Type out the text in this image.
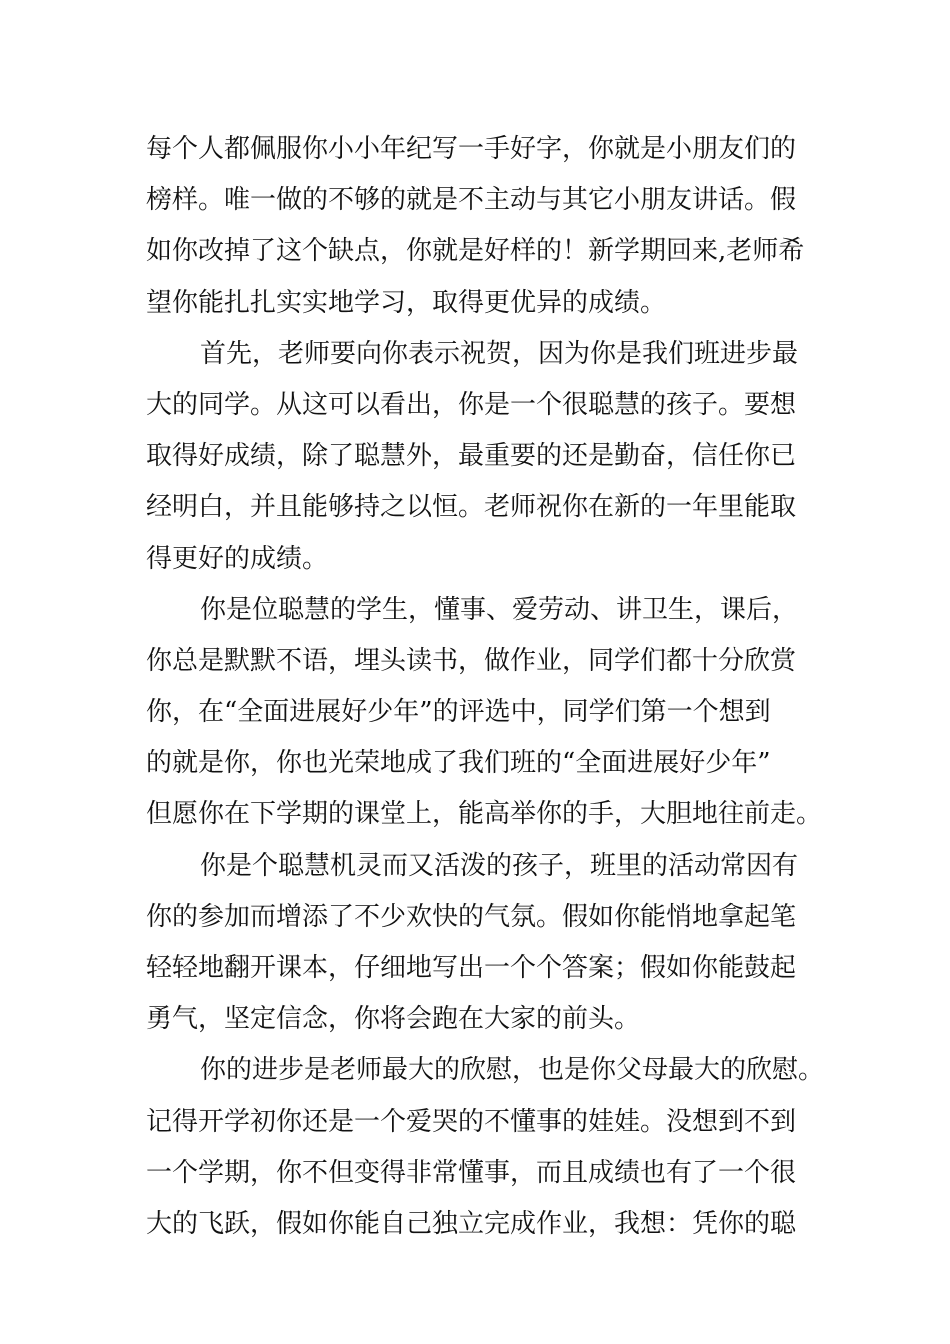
每个人都佩服你小小年纪写一手好字，你就是小朋友们的
榜样。唯一做的不够的就是不主动与其它小朋友讲话。假
如你改掉了这个缺点，你就是好样的！新学期回来,老师希
望你能扎扎实实地学习，取得更优异的成绩。
首先，老师要向你表示祝贺，因为你是我们班进步最
大的同学。从这可以看出，你是一个很聪慧的孩子。要想
取得好成绩，除了聪慧外，最重要的还是勤奋，信任你已
经明白，并且能够持之以恒。老师祝你在新的一年里能取
得更好的成绩。
你是位聪慧的学生，懂事、爱劳动、讲卫生，课后，
你总是默默不语，埋头读书，做作业，同学们都十分欣赏
你，在“全面进展好少年”的评选中，同学们第一个想到
的就是你，你也光荣地成了我们班的“全面进展好少年”
但愿你在下学期的课堂上，能高举你的手，大胆地往前走。
你是个聪慧机灵而又活泼的孩子，班里的活动常因有
你的参加而增添了不少欢快的气氛。假如你能悄地拿起笔
轻轻地翻开课本，仔细地写出一个个答案；假如你能鼓起
勇气，坚定信念，你将会跑在大家的前头。
你的进步是老师最大的欣慰，也是你父母最大的欣慰。
记得开学初你还是一个爱哭的不懂事的娃娃。没想到不到
一个学期，你不但变得非常懂事，而且成绩也有了一个很
大的飞跃，假如你能自己独立完成作业，我想：凭你的聪
